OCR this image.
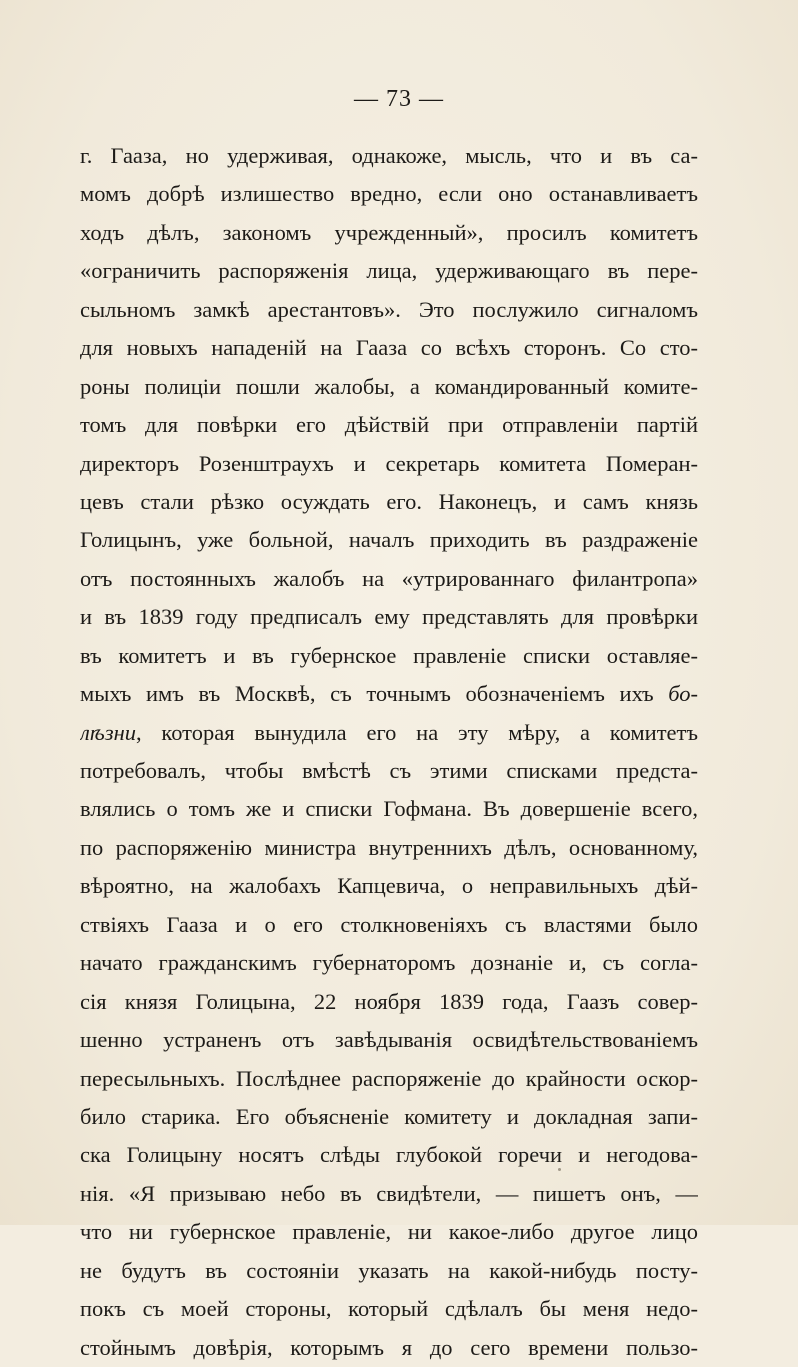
— 73 —
г. Гааза, но удерживая, однакоже, мысль, что и въ са-
момъ добрѣ излишество вредно, если оно останавливаетъ
ходъ дѣлъ, закономъ учрежденный», просилъ комитетъ
«ограничить распоряженія лица, удерживающаго въ пере-
сыльномъ замкѣ арестантовъ». Это послужило сигналомъ
для новыхъ нападеній на Гааза со всѣхъ сторонъ. Со сто-
роны полиціи пошли жалобы, а командированный комите-
томъ для повѣрки его дѣйствій при отправленіи партій
директоръ Розенштраухъ и секретарь комитета Померан-
цевъ стали рѣзко осуждать его. Наконецъ, и самъ князь
Голицынъ, уже больной, началъ приходить въ раздраженіе
отъ постоянныхъ жалобъ на «утрированнаго филантропа»
и въ 1839 году предписалъ ему представлять для провѣрки
въ комитетъ и въ губернское правленіе списки оставляе-
мыхъ имъ въ Москвѣ, съ точнымъ обозначеніемъ ихъ бо-
лѣзни, которая вынудила его на эту мѣру, а комитетъ
потребовалъ, чтобы вмѣстѣ съ этими списками предста-
влялись о томъ же и списки Гофмана. Въ довершеніе всего,
по распоряженію министра внутреннихъ дѣлъ, основанному,
вѣроятно, на жалобахъ Капцевича, о неправильныхъ дѣй-
ствіяхъ Гааза и о его столкновеніяхъ съ властями было
начато гражданскимъ губернаторомъ дознаніе и, съ согла-
сія князя Голицына, 22 ноября 1839 года, Гаазъ совер-
шенно устраненъ отъ завѣдыванія освидѣтельствованіемъ
пересыльныхъ. Послѣднее распоряженіе до крайности оскор-
било старика. Его объясненіе комитету и докладная запи-
ска Голицыну носятъ слѣды глубокой горечи и негодова-
нія. «Я призываю небо въ свидѣтели, — пишетъ онъ, —
что ни губернское правленіе, ни какое-либо другое лицо
не будутъ въ состояніи указать на какой-нибудь посту-
покъ съ моей стороны, который сдѣлалъ бы меня недо-
стойнымъ довѣрія, которымъ я до сего времени пользо-
